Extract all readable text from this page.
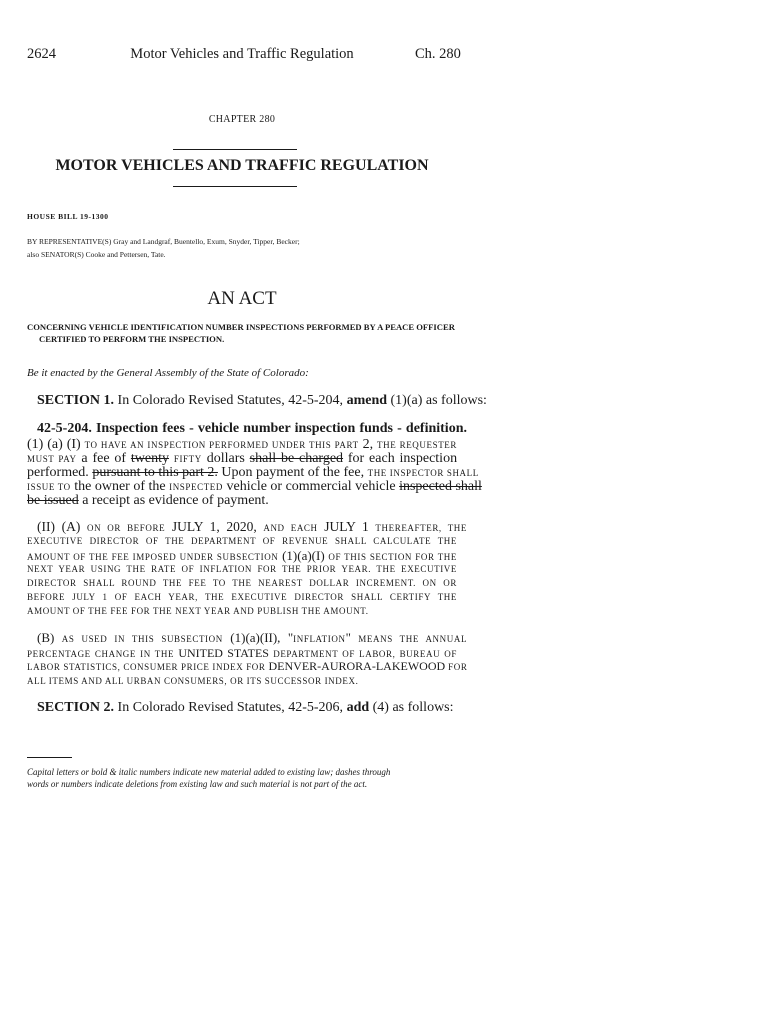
2624	Motor Vehicles and Traffic Regulation	Ch. 280
CHAPTER 280
MOTOR VEHICLES AND TRAFFIC REGULATION
HOUSE BILL 19-1300
BY REPRESENTATIVE(S) Gray and Landgraf, Buentello, Exum, Snyder, Tipper, Becker;
also SENATOR(S) Cooke and Pettersen, Tate.
AN ACT
CONCERNING VEHICLE IDENTIFICATION NUMBER INSPECTIONS PERFORMED BY A PEACE OFFICER
CERTIFIED TO PERFORM THE INSPECTION.
Be it enacted by the General Assembly of the State of Colorado:
SECTION 1. In Colorado Revised Statutes, 42-5-204, amend (1)(a) as follows:
42-5-204. Inspection fees - vehicle number inspection funds - definition.
(1) (a) (I) TO HAVE AN INSPECTION PERFORMED UNDER THIS PART 2, THE REQUESTER
MUST PAY a fee of twenty FIFTY dollars shall be charged for each inspection
performed. pursuant to this part 2. Upon payment of the fee, THE INSPECTOR SHALL
ISSUE TO the owner of the INSPECTED vehicle or commercial vehicle inspected shall
be issued a receipt as evidence of payment.
(II) (A) ON OR BEFORE JULY 1, 2020, AND EACH JULY 1 THEREAFTER, THE
EXECUTIVE DIRECTOR OF THE DEPARTMENT OF REVENUE SHALL CALCULATE THE
AMOUNT OF THE FEE IMPOSED UNDER SUBSECTION (1)(a)(I) OF THIS SECTION FOR THE
NEXT YEAR USING THE RATE OF INFLATION FOR THE PRIOR YEAR. THE EXECUTIVE
DIRECTOR SHALL ROUND THE FEE TO THE NEAREST DOLLAR INCREMENT. ON OR
BEFORE JULY 1 OF EACH YEAR, THE EXECUTIVE DIRECTOR SHALL CERTIFY THE
AMOUNT OF THE FEE FOR THE NEXT YEAR AND PUBLISH THE AMOUNT.
(B) AS USED IN THIS SUBSECTION (1)(a)(II), "INFLATION" MEANS THE ANNUAL
PERCENTAGE CHANGE IN THE UNITED STATES DEPARTMENT OF LABOR, BUREAU OF
LABOR STATISTICS, CONSUMER PRICE INDEX FOR DENVER-AURORA-LAKEWOOD FOR
ALL ITEMS AND ALL URBAN CONSUMERS, OR ITS SUCCESSOR INDEX.
SECTION 2. In Colorado Revised Statutes, 42-5-206, add (4) as follows:
Capital letters or bold & italic numbers indicate new material added to existing law; dashes through
words or numbers indicate deletions from existing law and such material is not part of the act.
